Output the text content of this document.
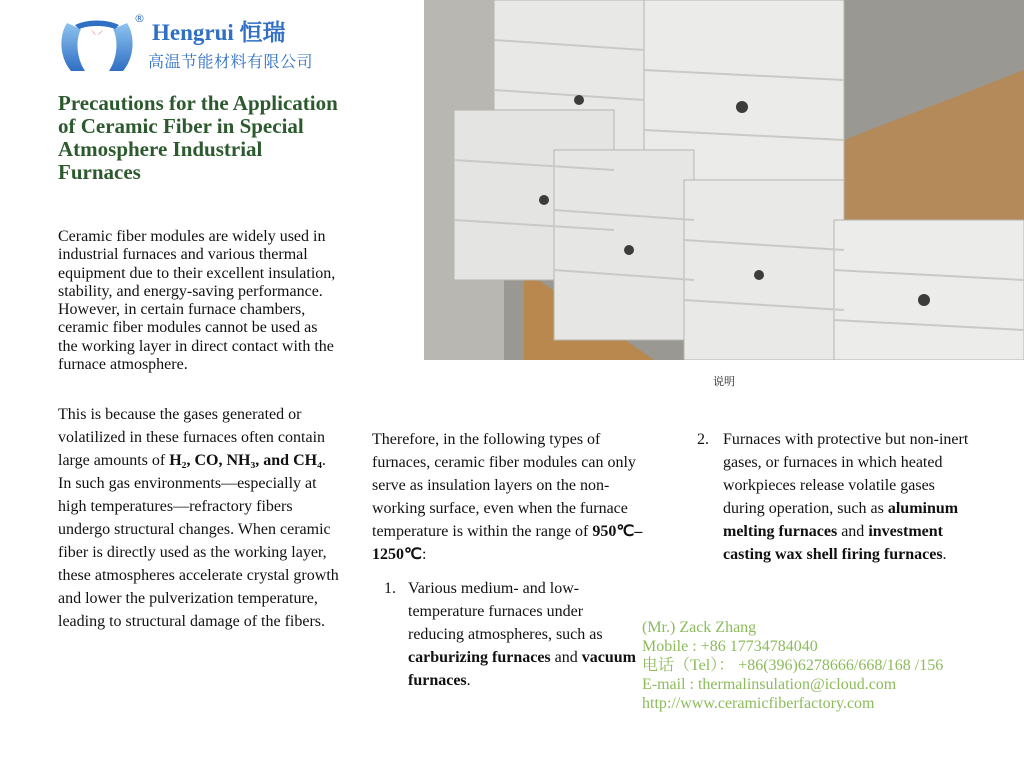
恒瑞
®
Hengrui 恒瑞
高温节能材料有限公司
Precautions for the Application of Ceramic Fiber in Special Atmosphere Industrial Furnaces

Ceramic fiber modules are widely used in industrial furnaces and various thermal equipment due to their excellent insulation, stability, and energy-saving performance. However, in certain furnace chambers, ceramic fiber modules cannot be used as the working layer in direct contact with the furnace atmosphere.

This is because the gases generated or volatilized in these furnaces often contain large amounts of H₂, CO, NH₃, and CH₄. In such gas environments—especially at high temperatures—refractory fibers undergo structural changes. When ceramic fiber is directly used as the working layer, these atmospheres accelerate crystal growth and lower the pulverization temperature, leading to structural damage of the fibers.

说明

Therefore, in the following types of furnaces, ceramic fiber modules can only serve as insulation layers on the non-working surface, even when the furnace temperature is within the range of 950℃–1250℃:

1. Various medium- and low-temperature furnaces under reducing atmospheres, such as carburizing furnaces and vacuum furnaces.
2. Furnaces with protective but non-inert gases, or furnaces in which heated workpieces release volatile gases during operation, such as aluminum melting furnaces and investment casting wax shell firing furnaces.
(Mr.) Zack Zhang
Mobile : +86 17734784040
电话（Tel）： +86(396)6278666/668/168 /156
E-mail : thermalinsulation@icloud.com
http://www.ceramicfiberfactory.com
